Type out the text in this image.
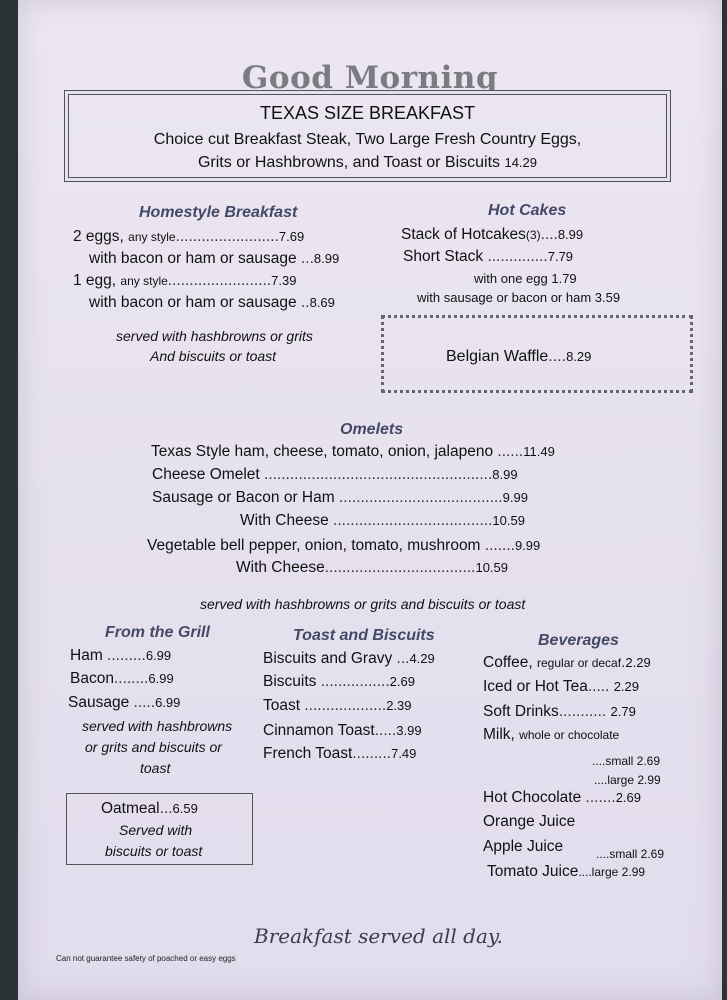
Good Morning
TEXAS SIZE BREAKFAST
Choice cut Breakfast Steak, Two Large Fresh Country Eggs,
Grits or Hashbrowns, and Toast or Biscuits 14.29
Homestyle Breakfast
2 eggs, any style........................7.69
with bacon or ham or sausage ...8.99
1 egg, any style........................7.39
with bacon or ham or sausage ..8.69
served with hashbrowns or grits
And biscuits or toast
Hot Cakes
Stack of Hotcakes(3)....8.99
Short Stack ..............7.79
with one egg 1.79
with sausage or bacon or ham 3.59
Belgian Waffle....8.29
Omelets
Texas Style ham, cheese, tomato, onion, jalapeno ......11.49
Cheese Omelet .....................................................8.99
Sausage or Bacon or Ham ......................................9.99
With Cheese .....................................10.59
Vegetable bell pepper, onion, tomato, mushroom .......9.99
With Cheese...................................10.59
served with hashbrowns or grits and biscuits or toast
From the Grill
Ham .........6.99
Bacon........6.99
Sausage .....6.99
served with hashbrowns
or grits and biscuits or
toast
Oatmeal...6.59
Served with
biscuits or toast
Toast and Biscuits
Biscuits and Gravy ...4.29
Biscuits ................2.69
Toast ...................2.39
Cinnamon Toast.....3.99
French Toast.........7.49
Beverages
Coffee, regular or decaf.2.29
Iced or Hot Tea..... 2.29
Soft Drinks........... 2.79
Milk, whole or chocolate
....small 2.69
....large 2.99
Hot Chocolate .......2.69
Orange Juice
Apple Juice	....small 2.69
Tomato Juice....large 2.99
Breakfast served all day.
Can not guarantee safety of poached or easy eggs
